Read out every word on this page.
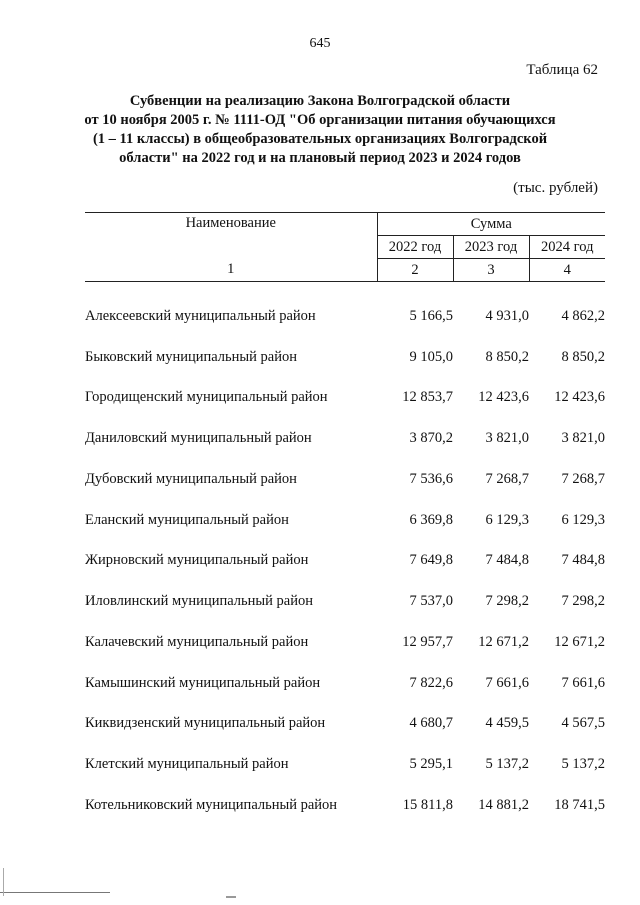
645
Таблица 62
Субвенции на реализацию Закона Волгоградской области
от 10 ноября 2005 г. № 1111-ОД "Об организации питания обучающихся
(1 – 11 классы) в общеобразовательных организациях Волгоградской
области" на 2022 год и на плановый период 2023 и 2024 годов
(тыс. рублей)
Наименование	Сумма		
	2022 год	2023 год	2024 год
1	2	3	4

Алексеевский муниципальный район	5 166,5	4 931,0	4 862,2
Быковский муниципальный район	9 105,0	8 850,2	8 850,2
Городищенский муниципальный район	12 853,7	12 423,6	12 423,6
Даниловский муниципальный район	3 870,2	3 821,0	3 821,0
Дубовский муниципальный район	7 536,6	7 268,7	7 268,7
Еланский муниципальный район	6 369,8	6 129,3	6 129,3
Жирновский муниципальный район	7 649,8	7 484,8	7 484,8
Иловлинский муниципальный район	7 537,0	7 298,2	7 298,2
Калачевский муниципальный район	12 957,7	12 671,2	12 671,2
Камышинский муниципальный район	7 822,6	7 661,6	7 661,6
Киквидзенский муниципальный район	4 680,7	4 459,5	4 567,5
Клетский муниципальный район	5 295,1	5 137,2	5 137,2
Котельниковский муниципальный район	15 811,8	14 881,2	18 741,5
